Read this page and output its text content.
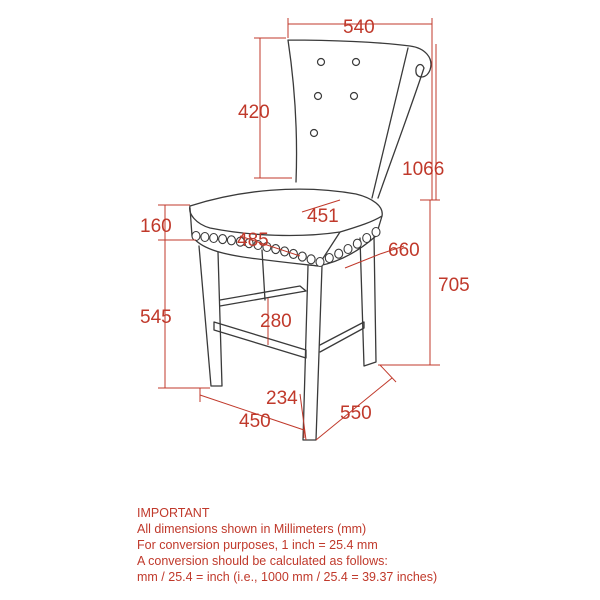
540
420
1066
451
160
485	660
705
545	280
234
450	550
IMPORTANT
All dimensions shown in Millimeters (mm)
For conversion purposes, 1 inch = 25.4 mm
A conversion should be calculated as follows:
mm / 25.4 = inch (i.e., 1000 mm / 25.4 = 39.37 inches)
